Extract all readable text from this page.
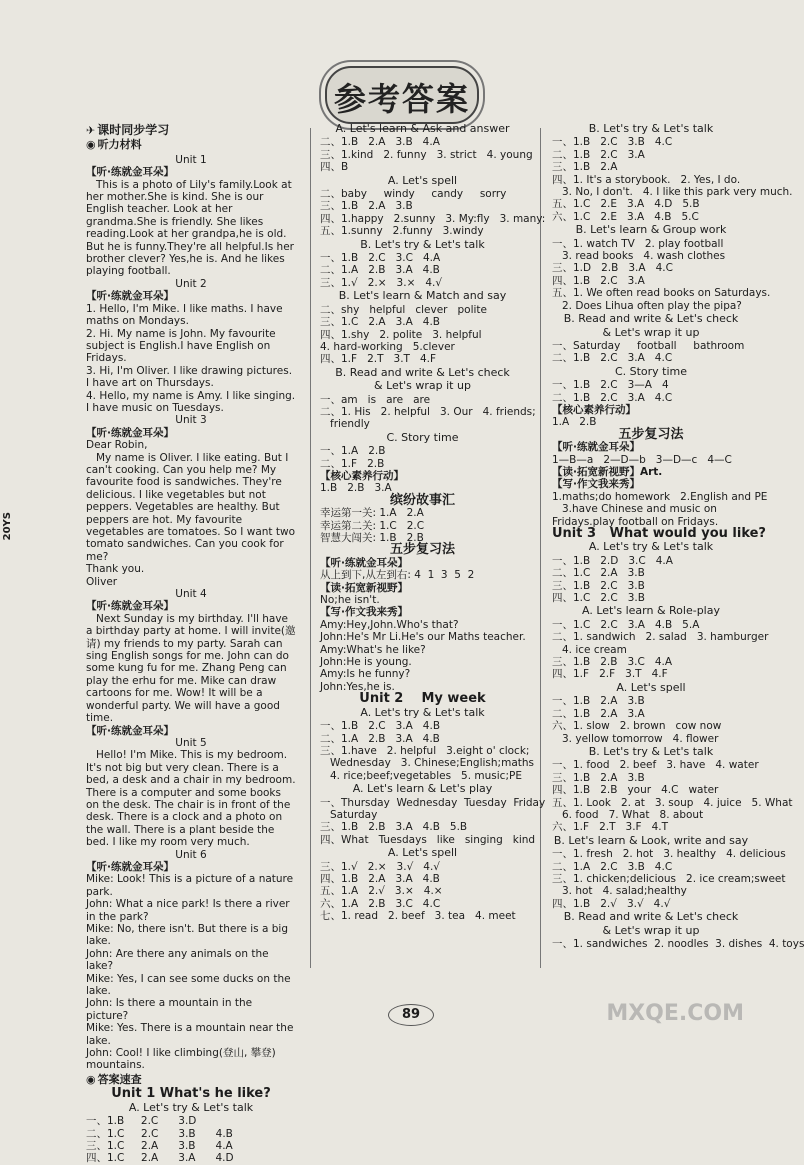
参考答案
20YS
✈ 课时同步学习
◉ 听力材料
Unit 1
【听·练就金耳朵】
This is a photo of Lily's family.Look at her mother.She is kind. She is our English teacher. Look at her grandma.She is friendly. She likes reading.Look at her grandpa,he is old. But he is funny.They're all helpful.Is her brother clever? Yes,he is. And he likes playing football.
Unit 2
【听·练就金耳朵】
1. Hello, I'm Mike. I like maths. I have maths on Mondays.
2. Hi. My name is John. My favourite subject is English.I have English on Fridays.
3. Hi, I'm Oliver. I like drawing pictures. I have art on Thursdays.
4. Hello, my name is Amy. I like singing. I have music on Tuesdays.
Unit 3
【听·练就金耳朵】
Dear Robin,
My name is Oliver. I like eating. But I can't cooking. Can you help me? My favourite food is sandwiches. They're delicious. I like vegetables but not peppers. Vegetables are healthy. But peppers are hot. My favourite vegetables are tomatoes. So I want two tomato sandwiches. Can you cook for me?
Thank you.
Oliver
Unit 4
【听·练就金耳朵】
Next Sunday is my birthday. I'll have a birthday party at home. I will invite(邀请) my friends to my party. Sarah can sing English songs for me. John can do some kung fu for me. Zhang Peng can play the erhu for me. Mike can draw cartoons for me. Wow! It will be a wonderful party. We will have a good time.
【听·练就金耳朵】
Unit 5
Hello! I'm Mike. This is my bedroom. It's not big but very clean. There is a bed, a desk and a chair in my bedroom. There is a computer and some books on the desk. The chair is in front of the desk. There is a clock and a photo on the wall. There is a plant beside the bed. I like my room very much.
Unit 6
【听·练就金耳朵】
Mike: Look! This is a picture of a nature park.
John: What a nice park! Is there a river in the park?
Mike: No, there isn't. But there is a big lake.
John: Are there any animals on the lake?
Mike: Yes, I can see some ducks on the lake.
John: Is there a mountain in the picture?
Mike: Yes. There is a mountain near the lake.
John: Cool! I like climbing(登山, 攀登) mountains.
◉ 答案速查
Unit 1 What's he like?
A. Let's try & Let's talk
一、1.B     2.C      3.D
二、1.C     2.C      3.B      4.B
三、1.C     2.A      3.B      4.A
四、1.C     2.A      3.A      4.D
A. Let's learn & Ask and answer
二、1.B   2.A   3.B   4.A
三、1.kind   2. funny   3. strict   4. young
四、B
A. Let's spell
二、baby     windy     candy     sorry
三、1.B   2.A   3.B
四、1.happy   2.sunny   3. My:fly   3. many:
五、1.sunny   2.funny   3.windy
B. Let's try & Let's talk
一、1.B   2.C   3.C   4.A
二、1.A   2.B   3.A   4.B
三、1.√   2.×   3.×   4.√
B. Let's learn & Match and say
二、shy   helpful   clever   polite
三、1.C   2.A   3.A   4.B
四、1.shy   2. polite   3. helpful
4. hard-working   5.clever
四、1.F   2.T   3.T   4.F
B. Read and write & Let's check
& Let's wrap it up
一、am   is   are   are
二、1. His   2. helpful   3. Our   4. friends;
friendly
C. Story time
一、1.A   2.B
二、1.F   2.B
【核心素养行动】
1.B   2.B   3.A
缤纷故事汇
幸运第一关: 1.A   2.A
幸运第二关: 1.C   2.C
智慧大闯关: 1.B   2.B
五步复习法
【听·练就金耳朵】
从上到下,从左到右: 4  1  3  5  2
【读·拓宽新视野】
No;he isn't.
【写·作文我来秀】
Amy:Hey,John.Who's that?
John:He's Mr Li.He's our Maths teacher.
Amy:What's he like?
John:He is young.
Amy:Is he funny?
John:Yes,he is.
Unit 2    My week
A. Let's try & Let's talk
一、1.B   2.C   3.A   4.B
二、1.A   2.B   3.A   4.B
三、1.have   2. helpful   3.eight o' clock;
Wednesday   3. Chinese;English;maths
4. rice;beef;vegetables   5. music;PE
A. Let's learn & Let's play
一、Thursday  Wednesday  Tuesday  Friday
Saturday
三、1.B   2.B   3.A   4.B   5.B
四、What   Tuesdays   like   singing   kind
A. Let's spell
三、1.√   2.×   3.√   4.√
四、1.B   2.A   3.A   4.B
五、1.A   2.√   3.×   4.×
六、1.A   2.B   3.C   4.C
七、1. read   2. beef   3. tea   4. meet
B. Let's try & Let's talk
一、1.B   2.C   3.B   4.C
二、1.B   2.C   3.A
三、1.B   2.A
四、1. It's a storybook.   2. Yes, I do.
3. No, I don't.   4. I like this park very much.
五、1.C   2.E   3.A   4.D   5.B
六、1.C   2.E   3.A   4.B   5.C
B. Let's learn & Group work
一、1. watch TV   2. play football
3. read books   4. wash clothes
三、1.D   2.B   3.A   4.C
四、1.B   2.C   3.A
五、1. We often read books on Saturdays.
2. Does Lihua often play the pipa?
B. Read and write & Let's check
& Let's wrap it up
一、Saturday     football     bathroom
二、1.B   2.C   3.A   4.C
C. Story time
一、1.B   2.C   3—A   4
二、1.B   2.C   3.A   4.C
【核心素养行动】
1.A   2.B
五步复习法
【听·练就金耳朵】
1—B—a   2—D—b   3—D—c   4—C
【读·拓宽新视野】Art.
【写·作文我来秀】
1.maths;do homework   2.English and PE
3.have Chinese and music on
Fridays.play football on Fridays.
Unit 3   What would you like?
A. Let's try & Let's talk
一、1.B   2.D   3.C   4.A
二、1.C   2.A   3.B
三、1.B   2.C   3.B
四、1.C   2.C   3.B
A. Let's learn & Role-play
一、1.C   2.C   3.A   4.B   5.A
二、1. sandwich   2. salad   3. hamburger
4. ice cream
三、1.B   2.B   3.C   4.A
四、1.F   2.F   3.T   4.F
A. Let's spell
一、1.B   2.A   3.B
二、1.B   2.A   3.A
六、1. slow   2. brown   cow now
3. yellow tomorrow   4. flower
B. Let's try & Let's talk
一、1. food   2. beef   3. have   4. water
三、1.B   2.A   3.B
四、1.B   2.B   your   4.C   water
五、1. Look   2. at   3. soup   4. juice   5. What
6. food   7. What   8. about
六、1.F   2.T   3.F   4.T
B. Let's learn & Look, write and say
一、1. fresh   2. hot   3. healthy   4. delicious
二、1.A   2.C   3.B   4.C
三、1. chicken;delicious   2. ice cream;sweet
3. hot   4. salad;healthy
四、1.B   2.√   3.√   4.√
B. Read and write & Let's check
& Let's wrap it up
一、1. sandwiches  2. noodles  3. dishes  4. toys
89	MXQE.COM
